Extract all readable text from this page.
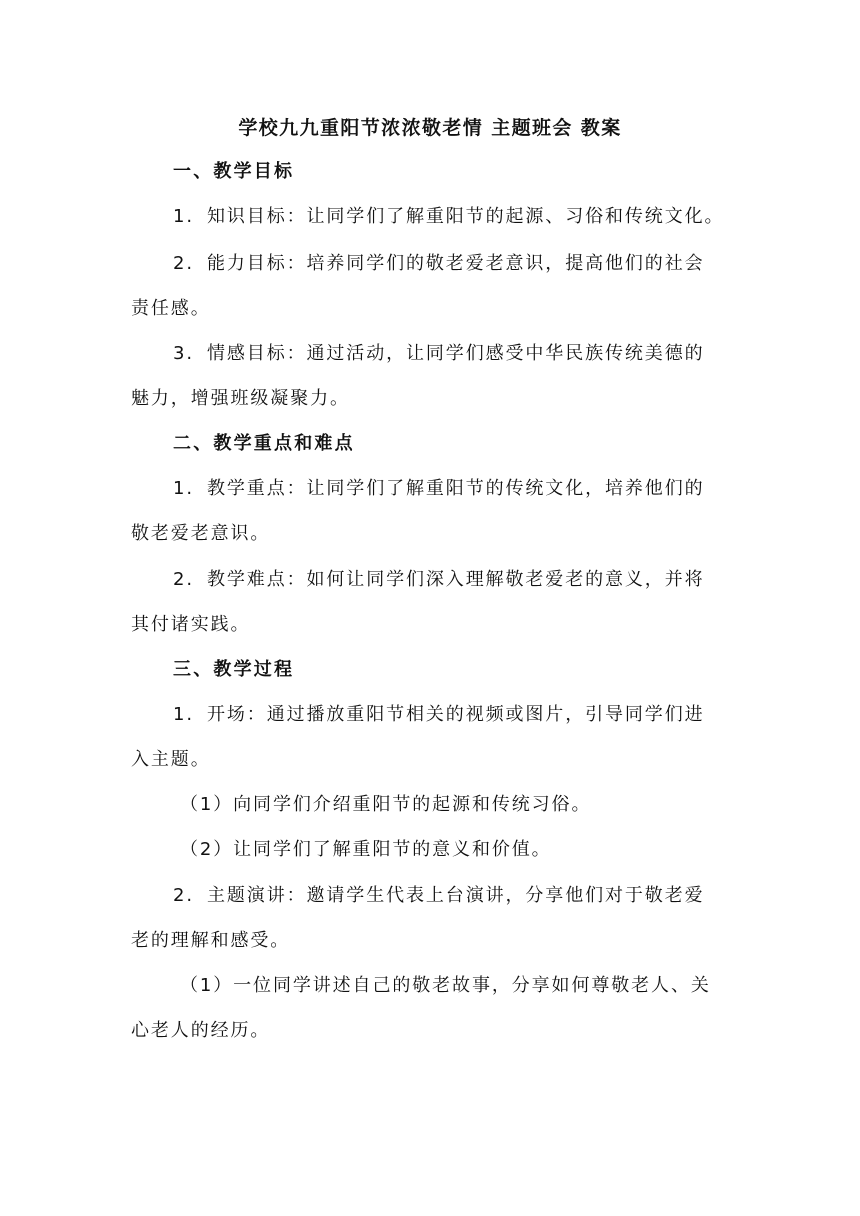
学校九九重阳节浓浓敬老情 主题班会 教案
一、教学目标
1. 知识目标：让同学们了解重阳节的起源、习俗和传统文化。
2. 能力目标：培养同学们的敬老爱老意识，提高他们的社会
责任感。
3. 情感目标：通过活动，让同学们感受中华民族传统美德的
魅力，增强班级凝聚力。
二、教学重点和难点
1. 教学重点：让同学们了解重阳节的传统文化，培养他们的
敬老爱老意识。
2. 教学难点：如何让同学们深入理解敬老爱老的意义，并将
其付诸实践。
三、教学过程
1. 开场：通过播放重阳节相关的视频或图片，引导同学们进
入主题。
（1）向同学们介绍重阳节的起源和传统习俗。
（2）让同学们了解重阳节的意义和价值。
2. 主题演讲：邀请学生代表上台演讲，分享他们对于敬老爱
老的理解和感受。
（1）一位同学讲述自己的敬老故事，分享如何尊敬老人、关
心老人的经历。
